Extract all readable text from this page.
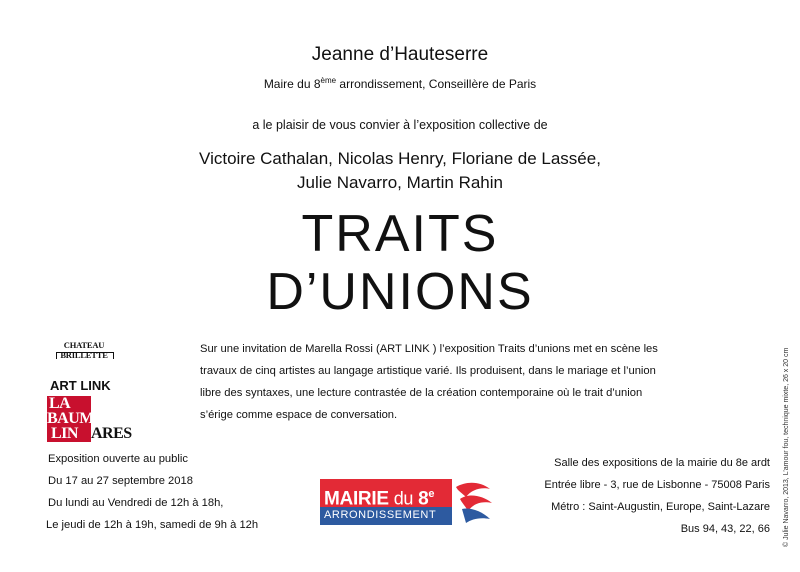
Jeanne d’Hauteserre
Maire du 8ème arrondissement, Conseillère de Paris
a le plaisir de vous convier à l’exposition collective de
Victoire Cathalan, Nicolas Henry, Floriane de Lassée,
Julie Navarro, Martin Rahin
TRAITS
D’UNIONS
Sur une invitation de Marella Rossi (ART LINK ) l’exposition Traits d’unions met en scène les travaux de cinq artistes au langage artistique varié. Ils produisent, dans le mariage et l’union libre des syntaxes, une lecture contrastée de la création contemporaine où le trait d’union s’érige comme espace de conversation.
CHATEAU BRILLETTE
ART LINK
LA
BAUME
LIN ARES
Exposition ouverte au public
Du 17 au 27 septembre 2018
Du lundi au Vendredi de 12h à 18h,
Le jeudi de 12h à 19h, samedi de 9h à 12h
MAIRIE du 8e
ARRONDISSEMENT
Salle des expositions de la mairie du 8e ardt
Entrée libre - 3, rue de Lisbonne - 75008 Paris
Métro : Saint-Augustin, Europe, Saint-Lazare
Bus 94, 43, 22, 66 © Julie Navarro, 2013, L’amour fou, technique mixte, 26 x 20 cm
